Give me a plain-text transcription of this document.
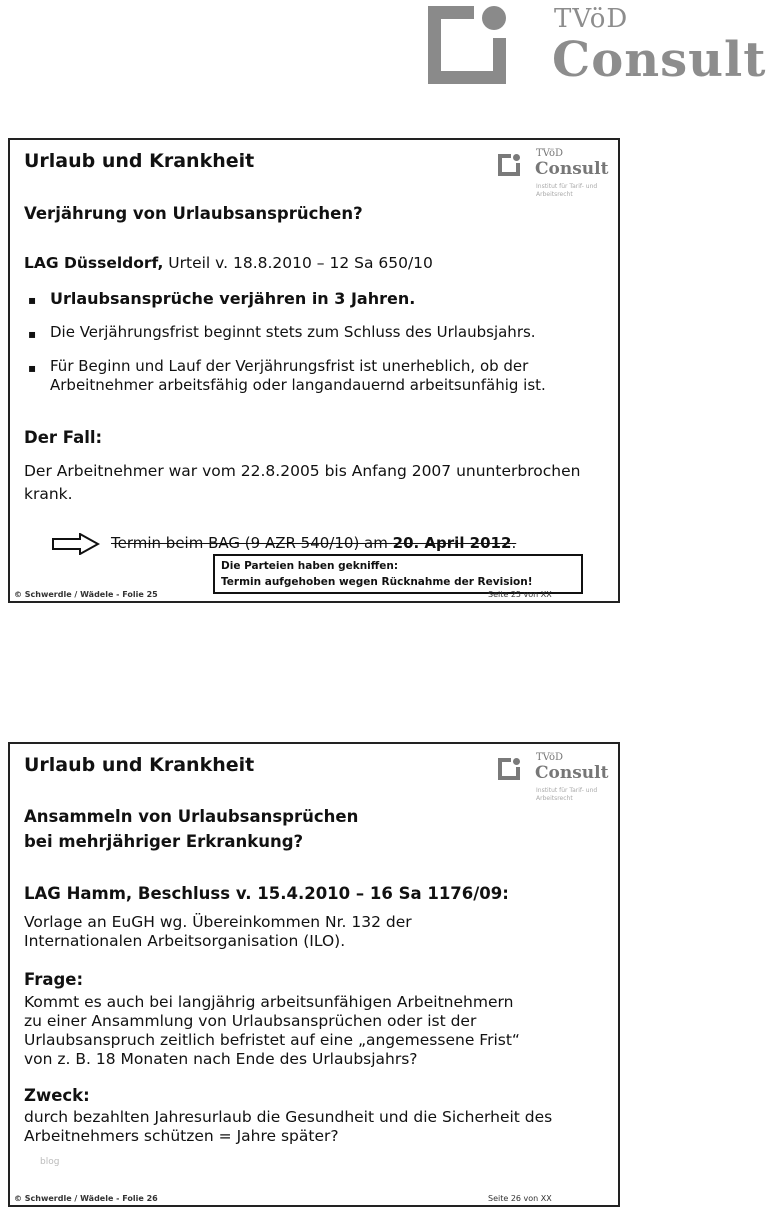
TVöD
Consult
TVöD
Consult
Institut für Tarif- und Arbeitsrecht
Urlaub und Krankheit
Verjährung von Urlaubsansprüchen?
LAG Düsseldorf, Urteil v. 18.8.2010 – 12 Sa 650/10
▪ Urlaubsansprüche verjähren in 3 Jahren.
▪ Die Verjährungsfrist beginnt stets zum Schluss des Urlaubsjahrs.
▪ Für Beginn und Lauf der Verjährungsfrist ist unerheblich, ob der
Arbeitnehmer arbeitsfähig oder langandauernd arbeitsunfähig ist.
Der Fall:
Der Arbeitnehmer war vom 22.8.2005 bis Anfang 2007 ununterbrochen
krank.
Termin beim BAG (9 AZR 540/10) am 20. April 2012.
Die Parteien haben gekniffen:
Termin aufgehoben wegen Rücknahme der Revision!
© Schwerdle / Wädele - Folie 25	Seite 25 von XX
TVöD
Consult
Institut für Tarif- und Arbeitsrecht
Urlaub und Krankheit
Ansammeln von Urlaubsansprüchen
bei mehrjähriger Erkrankung?
LAG Hamm, Beschluss v. 15.4.2010 – 16 Sa 1176/09:
Vorlage an EuGH wg. Übereinkommen Nr. 132 der
Internationalen Arbeitsorganisation (ILO).
Frage:
Kommt es auch bei langjährig arbeitsunfähigen Arbeitnehmern
zu einer Ansammlung von Urlaubsansprüchen oder ist der
Urlaubsanspruch zeitlich befristet auf eine „angemessene Frist“
von z. B. 18 Monaten nach Ende des Urlaubsjahrs?
Zweck:
durch bezahlten Jahresurlaub die Gesundheit und die Sicherheit des
Arbeitnehmers schützen = Jahre später?
blog
© Schwerdle / Wädele - Folie 26	Seite 26 von XX
